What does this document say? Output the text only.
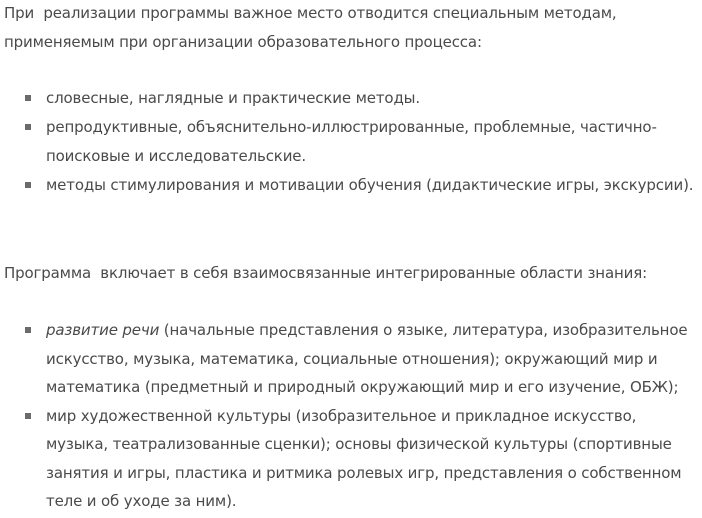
При  реализации программы важное место отводится специальным методам, применяемым при организации образовательного процесса:

словесные, наглядные и практические методы.
репродуктивные, объяснительно-иллюстрированные, проблемные, частично-поисковые и исследовательские.
методы стимулирования и мотивации обучения (дидактические игры, экскурсии).

Программа  включает в себя взаимосвязанные интегрированные области знания:

развитие речи (начальные представления о языке, литература, изобразительное искусство, музыка, математика, социальные отношения); окружающий мир и математика (предметный и природный окружающий мир и его изучение, ОБЖ);
мир художественной культуры (изобразительное и прикладное искусство, музыка, театрализованные сценки); основы физической культуры (спортивные занятия и игры, пластика и ритмика ролевых игр, представления о собственном теле и об уходе за ним).
